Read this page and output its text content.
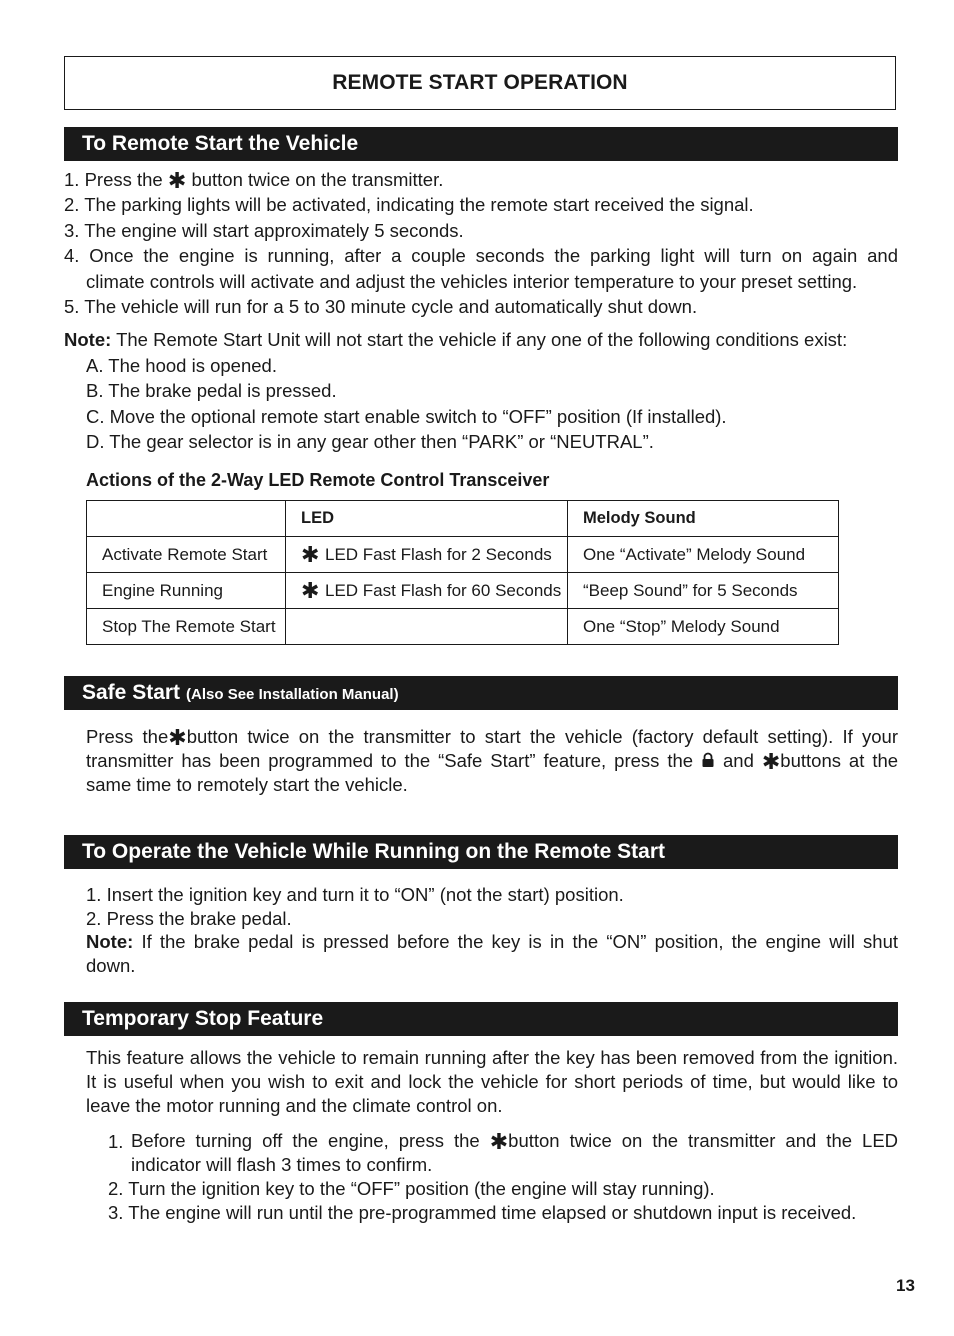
REMOTE START OPERATION
To Remote Start the Vehicle
1. Press the ✱ button twice on the transmitter.
2. The parking lights will be activated, indicating the remote start received the signal.
3. The engine will start approximately 5 seconds.
4. Once the engine is running, after a couple seconds the parking light will turn on again and
climate controls will activate and adjust the vehicles interior temperature to your preset setting.
5. The vehicle will run for a 5 to 30 minute cycle and automatically shut down.
Note: The Remote Start Unit will not start the vehicle if any one of the following conditions exist:
A. The hood is opened.
B. The brake pedal is pressed.
C. Move the optional remote start enable switch to “OFF” position (If installed).
D. The gear selector is in any gear other then “PARK” or “NEUTRAL”.
Actions of the 2-Way LED Remote Control Transceiver
	LED	Melody Sound
Activate Remote Start	✱ LED Fast Flash for 2 Seconds	One “Activate” Melody Sound
Engine Running	✱ LED Fast Flash for 60 Seconds	“Beep Sound” for 5 Seconds
Stop The Remote Start		One “Stop” Melody Sound
Safe Start (Also See Installation Manual)
Press the✱button twice on the transmitter to start the vehicle (factory default setting). If your transmitter has been programmed to the “Safe Start” feature, press the and ✱buttons at the same time to remotely start the vehicle.
To Operate the Vehicle While Running on the Remote Start
1. Insert the ignition key and turn it to “ON” (not the start) position.
2. Press the brake pedal.
Note: If the brake pedal is pressed before the key is in the “ON” position, the engine will shut down.
Temporary Stop Feature
This feature allows the vehicle to remain running after the key has been removed from the ignition. It is useful when you wish to exit and lock the vehicle for short periods of time, but would like to leave the motor running and the climate control on.
1. Before turning off the engine, press the ✱button twice on the transmitter and the LED indicator will flash 3 times to confirm.
2. Turn the ignition key to the “OFF” position (the engine will stay running).
3. The engine will run until the pre-programmed time elapsed or shutdown input is received.
13
